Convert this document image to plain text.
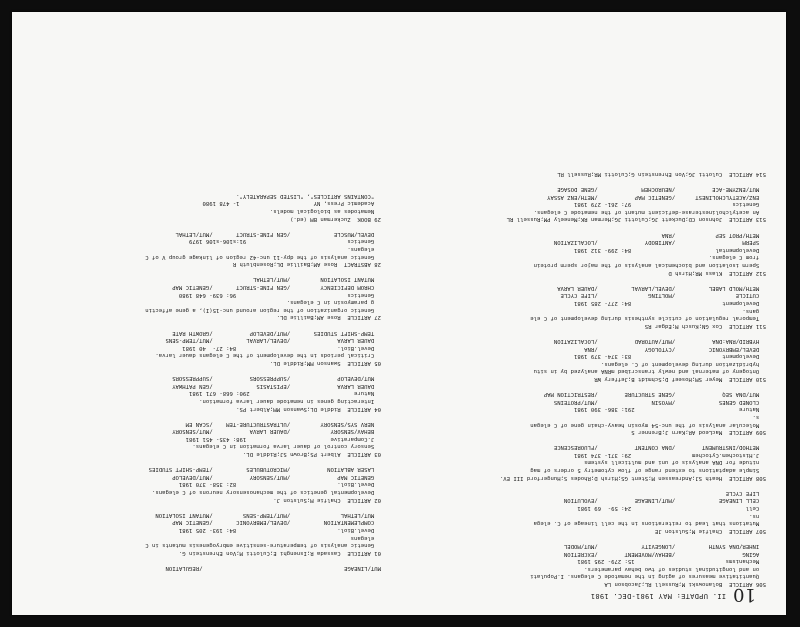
10
II. UPDATE: MAY 1981-DEC. 1981
506 ARTICLE  Bolanowski M;Russell RL;Jacobson LA
Quantitative measures of aging in the nematode C elegans. I.Populati
on and longitudinal studies of two behav parameters.
Mechanisms                           15: 279- 295 1981
AGING                    /BEHAV/MOVEMENT        /EXCRETION
INHER/DNA SYNTH          /LONGEVITY             /MUT/MODEL

507 ARTICLE  Chalfie M;Sulston JE
Mutations that lead to reiterations in the cell lineage of C. elega
ns.
Cell                                  24: 59-  69 1981
CELL LINEAGE             /MUT/LINEAGE           /EVOLUTION
LIFE CYCLE

508 ARTICLE  Heath SJ;Andreassen M;Stent GS;Hirsh D;Rhodes S;Hungerford III EV.
Simple adaptations to extend range of flow cytometry 5 orders of mag
nitude for DNA analysis of uni and multicell systems
J.Histochem.Cytochem                  29: 371- 374 1981
METHOD/INSTRUMENT        /DNA CONTENT           /FLUORESCENCE

509 ARTICLE  MacLeod AR;Karn J;Brenner S
Molecular analysis of the unc-54 myosin heavy-chain gene of C elegan
s.
Nature                               291: 386- 390 1981
CLONED GENES             /MYOSIN                /MUT/PROTEINS
MUT/DNA SEQ              /GENE STRUCTURE        /RESTRICTION MAP

510 ARTICLE  Meyer SM;Hoseef D;Schmidt B;Jeffery WR
Ontogeny of maternal and newly transcribed mRNA analyzed by in situ
hybridization during development of C. elegans.
Development                           83: 374- 379 1981
DEVEL/EMBRYONIC          /CYTOLOGY              /RNA
HYBRID/RNA:DNA           /MUT/AUTORAD           /LOCALIZATION

511 ARTICLE  Cox GN;Kusch M;Edgar RS
Temporal regulation of cuticle synthesis during development of C ele
gans.
Development                           84: 277- 285 1981
CUTICLE                  /MOLTING               /LIFE CYCLE
METH/MOLD LABEL          /DEVEL/LARVAL          /DAUER LARVA

512 ARTICLE  Klass MR;Hirsh D
Sperm isolation and biochemical analysis of the major sperm protein
from C elegans.
Developmental                         84: 299- 312 1981
SPERM                    /ANTIBODY              /LOCALIZATION
METH/PROT SEP            /RNA

513 ARTICLE  Johnson CD;Duckett JG;Culotti JG;Herman RK;Meneely PM;Russell RL
An acetylcholinesterase-deficient mutant of the nematode C elegans.
Genetics                              97: 261- 279 1981
ENZ/ACETYLCHOLINEST      /GENETIC MAP           /METH/ENZ ASSAY
MUT/ENZYME-ACE           /NEUROCHEM             /GENE DOSAGE

514 ARTICLE  Culotti JG;Von Ehrenstein G;Culotti MR;Russell RL
MUT/LINEAGE                                          /REGULATION

01 ARTICLE  Cassada R;Isnenghi E;Culotti M;Von Ehrenstein G.
Genetic analysis of temperature-sensitive embryogenesis mutants in C
elegans
Devel.Biol.                              84: 193- 205 1981
COMPLEMENTATION          /DEVEL/EMBRYONIC       /GENETIC MAP
MUT/LETHAL               /MUT/TEMP-SENS         /MUTANT ISOLATION

02 ARTICLE  Chalfie M;Sulston J.
Developmental genetics of the mechanosensory neurons of C elegans.
Devel.Biol.                              82: 358- 370 1981
GENETIC MAP              /MUT/SENSORY           /MUT/DEVELOP
LASER ABLATION           /MICROTUBULES          /TEMP-SHIFT STUDIES

03 ARTICLE  Albert PS;Brown SJ;Riddle DL.
Sensory control of dauer larva formation in C elegans.
J.Comparative                         198: 435- 451 1981
BEHAV/SENSORY            /DAUER LARVA           /MUT/SENSORY
NERV SYS/SENSORY         /ULTRASTRUCTURE-TEM    /SCAN EM

04 ARTICLE  Riddle DL;Swanson MM;Albert PS.
Interacting genes in nematode dauer larva formation.
Nature                               290: 668- 671 1981
DAUER LARVA              /EPISTASIS             /GEN PATHWAY
MUT/DEVELOP              /SUPPRESSORS           /SUPPRESSORS

05 ARTICLE  Swanson MM;Riddle DL.
Critical periods in the development of the C elegans dauer larva.
Devel.Biol.                              84: 27-  40 1981
DAUER LARVA              /DEVEL/LARVAL          /MUT/TEMP-SENS
TEMP-SHIFT STUDIES       /MUT/DEVELOP           /GROWTH RATE

27 ARTICLE  Rose AM;Baillie DL.
Genetic organization of the region around unc-15(I), a gene affectin
g paramyosin in C elegans.
Genetics                                 96: 639- 648 1980
CHROM DEFICIENCY         /GEN FINE-STRUCT       /GENETIC MAP
MUTANT ISOLATION         /MUT/LETHAL

28 ABSTRACT  Rose AM;Baillie DL;Rosenbluth R
Genetic analysis of the dpy-11 unc-42 region of linkage group V of C
elegans.
Genetics                              91:s106-s106 1979
DEVEL/MUSCLE             /GEN FINE-STRUCT       /MUT/LETHAL

29 BOOK  Zuckerman BM (ed.)
Nematodes as biological models.
Academic Press, NY                      1- 478 1980
"CONTAINS ARTICLES", "LISTED SEPARATELY".
